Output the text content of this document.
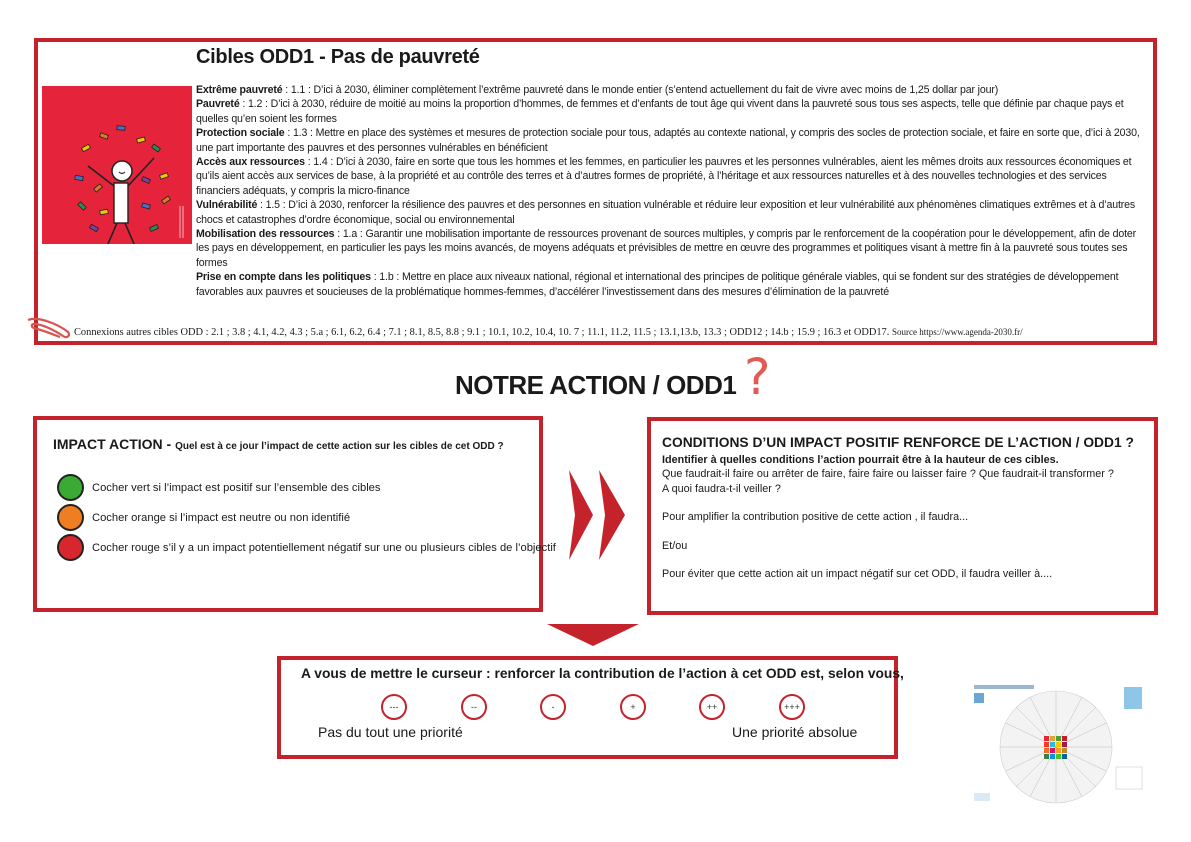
Cibles ODD1 - Pas de pauvreté
Extrême pauvreté : 1.1 : D’ici à 2030, éliminer complètement l’extrême pauvreté dans le monde entier (s’entend actuellement du fait de vivre avec moins de 1,25 dollar par jour)
Pauvreté : 1.2 : D’ici à 2030, réduire de moitié au moins la proportion d’hommes, de femmes et d’enfants de tout âge qui vivent dans la pauvreté sous tous ses aspects, telle que définie par chaque pays et quelles qu’en soient les formes
Protection sociale : 1.3 : Mettre en place des systèmes et mesures de protection sociale pour tous, adaptés au contexte national, y compris des socles de protection sociale, et faire en sorte que, d’ici à 2030, une part importante des pauvres et des personnes vulnérables en bénéficient
Accès aux ressources : 1.4 : D’ici à 2030, faire en sorte que tous les hommes et les femmes, en particulier les pauvres et les personnes vulnérables, aient les mêmes droits aux ressources économiques et qu’ils aient accès aux services de base, à la propriété et au contrôle des terres et à d’autres formes de propriété, à l’héritage et aux ressources naturelles et à des nouvelles technologies et des services financiers adéquats, y compris la micro-finance
Vulnérabilité : 1.5 : D’ici à 2030, renforcer la résilience des pauvres et des personnes en situation vulnérable et réduire leur exposition et leur vulnérabilité aux phénomènes climatiques extrêmes et à d’autres chocs et catastrophes d’ordre économique, social ou environnemental
Mobilisation des ressources : 1.a : Garantir une mobilisation importante de ressources provenant de sources multiples, y compris par le renforcement de la coopération pour le développement, afin de doter les pays en développement, en particulier les pays les moins avancés, de moyens adéquats et prévisibles de mettre en œuvre des programmes et politiques visant à mettre fin à la pauvreté sous toutes ses formes
Prise en compte dans les politiques : 1.b : Mettre en place aux niveaux national, régional et international des principes de politique générale viables, qui se fondent sur des stratégies de développement favorables aux pauvres et soucieuses de la problématique hommes-femmes, d’accélérer l’investissement dans des mesures d’élimination de la pauvreté
Connexions autres cibles ODD : 2.1 ; 3.8 ; 4.1, 4.2, 4.3 ; 5.a ; 6.1, 6.2, 6.4 ; 7.1 ; 8.1, 8.5, 8.8 ; 9.1 ; 10.1, 10.2, 10.4, 10. 7 ; 11.1, 11.2, 11.5 ; 13.1,13.b, 13.3 ; ODD12 ; 14.b ; 15.9 ; 16.3 et ODD17. Source https://www.agenda-2030.fr/
NOTRE ACTION / ODD1 ?
IMPACT ACTION - Quel est à ce jour l’impact de cette action sur les cibles de cet ODD ?
Cocher vert si l’impact est positif sur l’ensemble des cibles
Cocher orange si l’impact est neutre ou non identifié
Cocher rouge s’il y a un impact potentiellement négatif sur une ou plusieurs cibles de l’objectif
CONDITIONS D’UN IMPACT POSITIF RENFORCE DE L’ACTION / ODD1 ?

Identifier à quelles conditions l’action pourrait être à la hauteur de ces cibles.

Que faudrait-il faire ou arrêter de faire, faire faire ou laisser faire ? Que faudrait-il transformer ?

A quoi faudra-t-il veiller ?

Pour amplifier la contribution positive de cette action , il faudra...

Et/ou

Pour éviter que cette action ait un impact négatif sur cet ODD, il faudra veiller à....

A vous de mettre le curseur : renforcer la contribution de l’action à cet ODD est, selon vous,
---	--	-	+	++	+++
Pas du tout une priorité	Une priorité absolue
